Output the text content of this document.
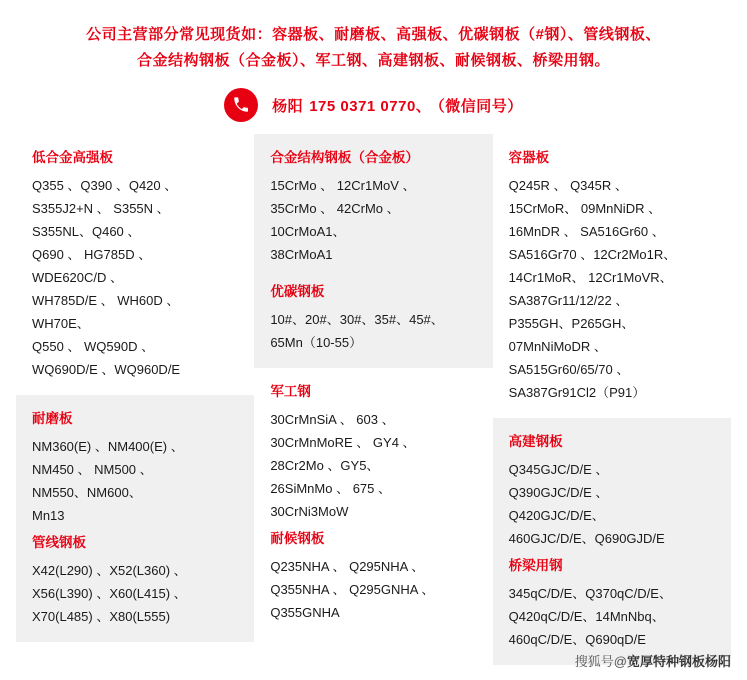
公司主营部分常见现货如：容器板、耐磨板、高强板、优碳钢板（#钢）、管线钢板、
合金结构钢板（合金板）、军工钢、高建钢板、耐候钢板、桥梁用钢。
杨阳 175 0371 0770、 （微信同号）
低合金高强板
Q355 、Q390 、Q420 、
S355J2+N 、 S355N 、
S355NL、Q460 、
Q690 、 HG785D 、
WDE620C/D 、
WH785D/E 、 WH60D 、
WH70E、
Q550 、 WQ590D 、
WQ690D/E 、WQ960D/E
耐磨板
NM360(E) 、NM400(E) 、
NM450 、 NM500 、
NM550、NM600、
Mn13
管线钢板
X42(L290) 、X52(L360) 、
X56(L390) 、X60(L415) 、
X70(L485) 、X80(L555)
合金结构钢板（合金板）
15CrMo 、 12Cr1MoV 、
35CrMo 、 42CrMo 、
10CrMoA1、
38CrMoA1
优碳钢板
10#、20#、30#、35#、45#、
65Mn（10-55）
军工钢
30CrMnSiA 、 603 、
30CrMnMoRE 、 GY4 、
28Cr2Mo 、GY5、
26SiMnMo 、 675 、
30CrNi3MoW
耐候钢板
Q235NHA 、 Q295NHA 、
Q355NHA 、 Q295GNHA 、
Q355GNHA
容器板
Q245R 、 Q345R 、
15CrMoR、 09MnNiDR 、
16MnDR 、 SA516Gr60 、
SA516Gr70 、12Cr2Mo1R、
14Cr1MoR、 12Cr1MoVR、
SA387Gr11/12/22 、
P355GH、P265GH、
07MnNiMoDR 、
SA515Gr60/65/70 、
SA387Gr91Cl2（P91）
高建钢板
Q345GJC/D/E 、
Q390GJC/D/E 、
Q420GJC/D/E、
460GJC/D/E、Q690GJD/E
桥梁用钢
345qC/D/E、Q370qC/D/E、
Q420qC/D/E、14MnNbq、
460qC/D/E、Q690qD/E
搜狐号@宽厚特种钢板杨阳
